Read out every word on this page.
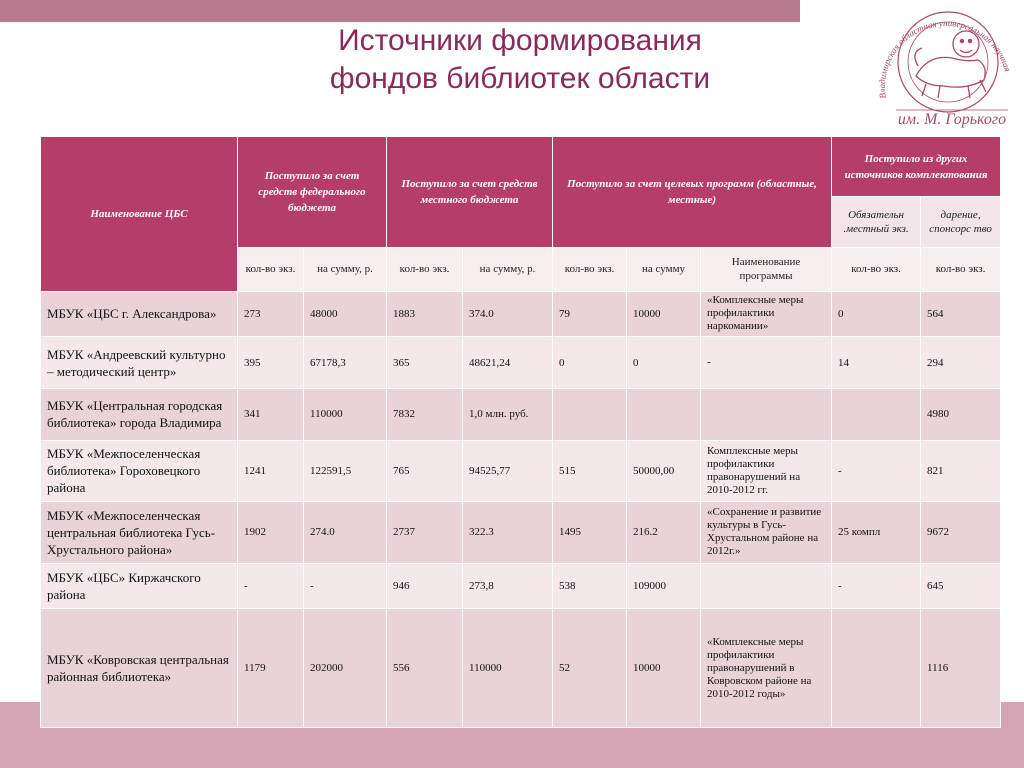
Источники формирования
фондов библиотек области
Владимирская областная универсальная научная
им. М. Горького
Наименование ЦБС	Поступило за счет средств федерального бюджета		Поступило за счет средств местного бюджета		Поступило за счет целевых программ (областные, местные)			Поступило из других источников комплектования	
								Обязательн .местный экз.	дарение, спонсорс тво
	кол-во экз.	на сумму, р.	кол-во экз.	на сумму, р.	кол-во экз.	на сумму	Наименование программы	кол-во экз.	кол-во экз.
МБУК «ЦБС г. Александрова»	273	48000	1883	374.0	79	10000	«Комплексные меры профилактики наркомании»	0	564
МБУК «Андреевский культурно – методический центр»	395	67178,3	365	48621,24	0	0	-	14	294
МБУК «Центральная городская библиотека» города Владимира	341	110000	7832	1,0 млн. руб.					4980
МБУК «Межпоселенческая библиотека» Гороховецкого района	1241	122591,5	765	94525,77	515	50000,00	Комплексные меры профилактики правонарушений на 2010-2012 гг.	-	821
МБУК «Межпоселенческая центральная библиотека Гусь-Хрустального района»	1902	274.0	2737	322.3	1495	216.2	«Сохранение и развитие культуры в Гусь-Хрустальном районе на 2012г.»	25 компл	9672
МБУК «ЦБС» Киржачского района	-	-	946	273,8	538	109000		-	645
МБУК «Ковровская центральная районная библиотека»	1179	202000	556	110000	52	10000	«Комплексные меры профилактики правонарушений в Ковровском районе на 2010-2012 годы»		1116
